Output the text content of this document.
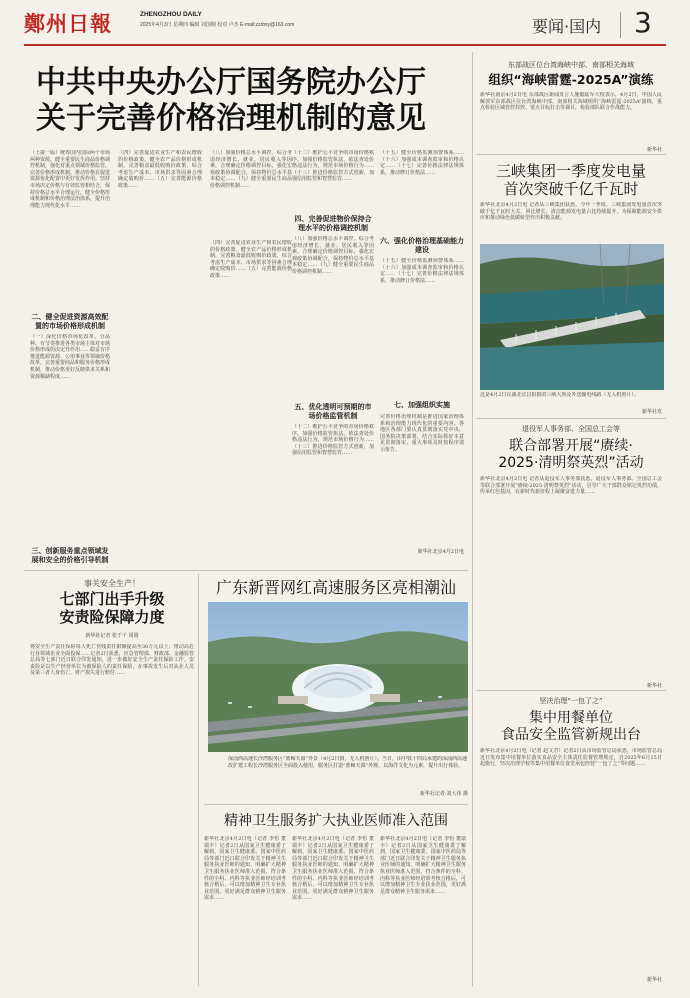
鄭州日報	ZHENGZHOU DAILY
2025年4月3日 星期四 编辑 刘国刚 校对 卢杰 E-mail:zzrbsy@163.com	要闻·国内 3
中共中央办公厅国务院办公厅
关于完善价格治理机制的意见
（上接一版）统筹国内国际两个市场两种资源，健全重要民生商品价格调控机制，强化对重点领域价格监管，完善价格形成机制，推动价格在促进资源优化配置中更好发挥作用。坚持市场决定价格与有效监管相结合，保持价格总水平合理运行，健全价格形成机制和价格治理法治体系，提升治理能力现代化水平……
二、健全促进资源高效配置的市场价格形成机制
（一）深化价格市场化改革。分品种、有节奏推进各类市场主体对市场价格形成的决定性作用……稳妥有序推进能源资源、公用事业等领域价格改革，完善重要商品和服务价格形成机制，推动价格更好反映供求关系和资源稀缺程度……
三、创新服务重点领域发展和安全的价格引导机制
（四）完善促进农业生产和农民增收的价格政策。健全农产品价格形成机制，完善粮食最低收购价政策，综合考虑生产成本、市场供求等因素合理确定收购价……（五）完善能源价格政策……
（八）加强价格总水平调控。综合考虑经济增长、就业、居民收入等因素，合理确定价格调控目标，强化宏观政策协调配合，保持物价总水平基本稳定……（九）健全重要民生商品价格调控机制……
四、完善促进物价保持合理水平的价格调控机制
（十二）维护公平竞争的市场价格秩序。加强价格监管执法，依法查处价格违法行为，规范市场价格行为……（十三）推进价格监管方式创新，加强信用监管和智慧监管……
（八）加强价格总水平调控。综合考虑经济增长、就业、居民收入等因素，合理确定价格调控目标，强化宏观政策协调配合，保持物价总水平基本稳定……（九）健全重要民生商品价格调控机制……
五、优化透明可预期的市场价格监管机制
（十二）维护公平竞争的市场价格秩序。加强价格监管执法，依法查处价格违法行为，规范市场价格行为……（十三）推进价格监管方式创新，加强信用监管和智慧监管……
（四）完善促进农业生产和农民增收的价格政策。健全农产品价格形成机制，完善粮食最低收购价政策，综合考虑生产成本、市场供求等因素合理确定收购价……（五）完善能源价格政策……
（十五）健全价格监测预警体系……（十六）加强成本调查监审和价格认定……（十七）完善价格法律法规体系，推动修订价格法……
六、强化价格治理基础能力建设
（十五）健全价格监测预警体系……（十六）加强成本调查监审和价格认定……（十七）完善价格法律法规体系，推动修订价格法……
七、加强组织实施
完善价格治理机制是推进国家治理体系和治理能力现代化的重要内容。各地区各部门要认真贯彻落实党中央、国务院决策部署，结合实际抓好本意见贯彻落实，重大事项及时按程序请示报告。
新华社北京4月2日电
事关安全生产！
七部门出手升级
安责险保障力度
新华社记者 张千千 周圆
将安全生产责任保险每人死亡伤残责任限额提高至30万元以上；推动高危行业领域企业全面投保……记者2日获悉，应急管理部、财政部、金融监管总局等七部门近日联合印发通知，进一步做好安全生产责任保险工作。安责险是以生产经营单位为被保险人的责任保险，在事故发生后对从业人员及第三者人身伤亡、财产损失进行赔付……
广东新晋网红高速服务区亮相潮汕
深汕西高速长沙湾服务区“蓝鲸天幕”外景（4月2日摄，无人机照片）。当日，由中铁十四局承建的深汕西高速改扩建工程长沙湾服务区全面投入使用，服务区打造“蓝鲸天幕”外观，以海洋文化为元素，提升出行体验。
新华社记者 刘大伟 摄
精神卫生服务扩大执业医师准入范围
新华社北京4月2日电（记者 李恒 董瑞丰）记者2日从国家卫生健康委了解到，国家卫生健康委、国家中医药局等部门近日联合印发关于精神卫生服务执业医师的通知，明确扩大精神卫生服务执业医师准入范围，符合条件的全科、内科等执业医师经培训考核合格后，可以增加精神卫生专业执业范围，更好满足群众精神卫生服务需求……
新华社北京4月2日电（记者 李恒 董瑞丰）记者2日从国家卫生健康委了解到，国家卫生健康委、国家中医药局等部门近日联合印发关于精神卫生服务执业医师的通知，明确扩大精神卫生服务执业医师准入范围，符合条件的全科、内科等执业医师经培训考核合格后，可以增加精神卫生专业执业范围，更好满足群众精神卫生服务需求……
新华社北京4月2日电（记者 李恒 董瑞丰）记者2日从国家卫生健康委了解到，国家卫生健康委、国家中医药局等部门近日联合印发关于精神卫生服务执业医师的通知，明确扩大精神卫生服务执业医师准入范围，符合条件的全科、内科等执业医师经培训考核合格后，可以增加精神卫生专业执业范围，更好满足群众精神卫生服务需求……
东部战区位台湾海峡中部、南部相关海域
组织“海峡雷霆-2025A”演练
新华社南京4月2日电 东部战区新闻发言人施毅陆军大校表示，4月2日，中国人民解放军东部战区位台湾海峡中部、南部相关海域组织“海峡雷霆-2025A”演练，重点检验区域管控封控、要点目标打击等课目，检验部队联合作战能力。
新华社
三峡集团一季度发电量
首次突破千亿千瓦时
新华社北京4月2日电 记者从三峡集团获悉，今年一季度，三峡集团发电量首次突破千亿千瓦时大关，同比增长，清洁能源发电量占比持续提升，为保障能源安全供应和推动绿色低碳转型作出积极贡献。
这是4月2日在湖北宜昌拍摄的三峡大坝及外送输电线路（无人机照片）。
新华社发
退役军人事务部、全国总工会等
联合部署开展“赓续·
2025·清明祭英烈”活动
新华社北京4月2日电 记者从退役军人事务部获悉，退役军人事务部、全国总工会等联合部署开展“赓续·2025·清明祭英烈”活动，引导广大干部群众铭记英烈功绩，传承红色基因，在新时代新征程上凝聚奋进力量……
新华社
坚决治理“一包了之”
集中用餐单位
食品安全监管新规出台
新华社北京4月2日电（记者 赵文君）记者2日从市场监管总局获悉，市场监管总局近日发布集中用餐单位落实食品安全主体责任监督管理规定，自2025年6月15日起施行，坚决治理学校等集中用餐单位食堂承包经营“一包了之”等问题……
新华社
